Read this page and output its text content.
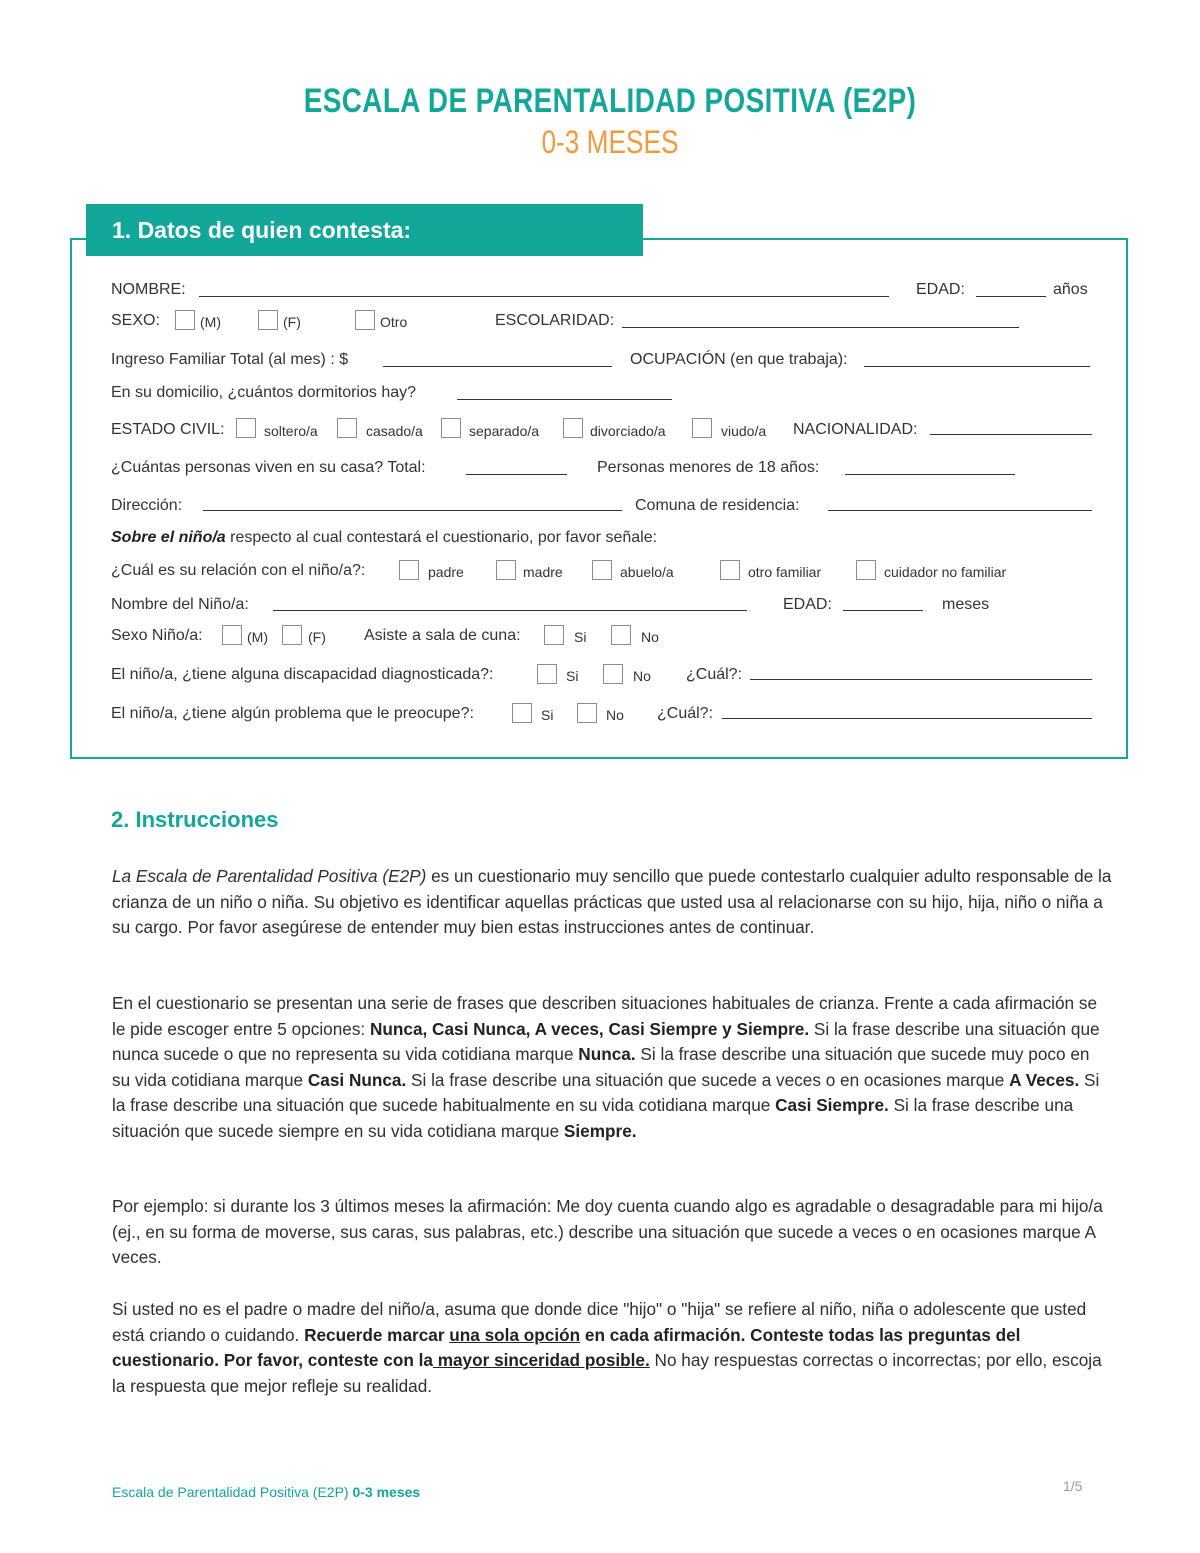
ESCALA DE PARENTALIDAD POSITIVA (E2P)
0-3 MESES
1. Datos de quien contesta:
NOMBRE:	EDAD:	años
SEXO:	(M)	(F)	Otro	ESCOLARIDAD:
Ingreso Familiar Total (al mes) : $	OCUPACIÓN (en que trabaja):
En su domicilio, ¿cuántos dormitorios hay?
ESTADO CIVIL:	soltero/a	casado/a	separado/a	divorciado/a	viudo/a NACIONALIDAD:
¿Cuántas personas viven en su casa? Total:	Personas menores de 18 años:
Dirección:	Comuna de residencia:
Sobre el niño/a respecto al cual contestará el cuestionario, por favor señale:
¿Cuál es su relación con el niño/a?:	padre	madre	abuelo/a	otro familiar	cuidador no familiar
Nombre del Niño/a:	EDAD:	meses
Sexo Niño/a:	(M)	(F) Asiste a sala de cuna:	Si	No
El niño/a, ¿tiene alguna discapacidad diagnosticada?:	Si	No ¿Cuál?:
El niño/a, ¿tiene algún problema que le preocupe?:	Si	No ¿Cuál?:
2. Instrucciones

La Escala de Parentalidad Positiva (E2P) es un cuestionario muy sencillo que puede contestarlo cualquier adulto responsable de la crianza de un niño o niña. Su objetivo es identificar aquellas prácticas que usted usa al relacionarse con su hijo, hija, niño o niña a su cargo. Por favor asegúrese de entender muy bien estas instrucciones antes de continuar.

En el cuestionario se presentan una serie de frases que describen situaciones habituales de crianza. Frente a cada afirmación se le pide escoger entre 5 opciones: Nunca, Casi Nunca, A veces, Casi Siempre y Siempre. Si la frase describe una situación que nunca sucede o que no representa su vida cotidiana marque Nunca. Si la frase describe una situación que sucede muy poco en su vida cotidiana marque Casi Nunca. Si la frase describe una situación que sucede a veces o en ocasiones marque A Veces. Si la frase describe una situación que sucede habitualmente en su vida cotidiana marque Casi Siempre. Si la frase describe una situación que sucede siempre en su vida cotidiana marque Siempre.

Por ejemplo: si durante los 3 últimos meses la afirmación: Me doy cuenta cuando algo es agradable o desagradable para mi hijo/a (ej., en su forma de moverse, sus caras, sus palabras, etc.) describe una situación que sucede a veces o en ocasiones marque A veces.

Si usted no es el padre o madre del niño/a, asuma que donde dice "hijo" o "hija" se refiere al niño, niña o adolescente que usted está criando o cuidando. Recuerde marcar una sola opción en cada afirmación. Conteste todas las preguntas del cuestionario. Por favor, conteste con la mayor sinceridad posible. No hay respuestas correctas o incorrectas; por ello, escoja la respuesta que mejor refleje su realidad.

Escala de Parentalidad Positiva (E2P) 0-3 meses	1/5
